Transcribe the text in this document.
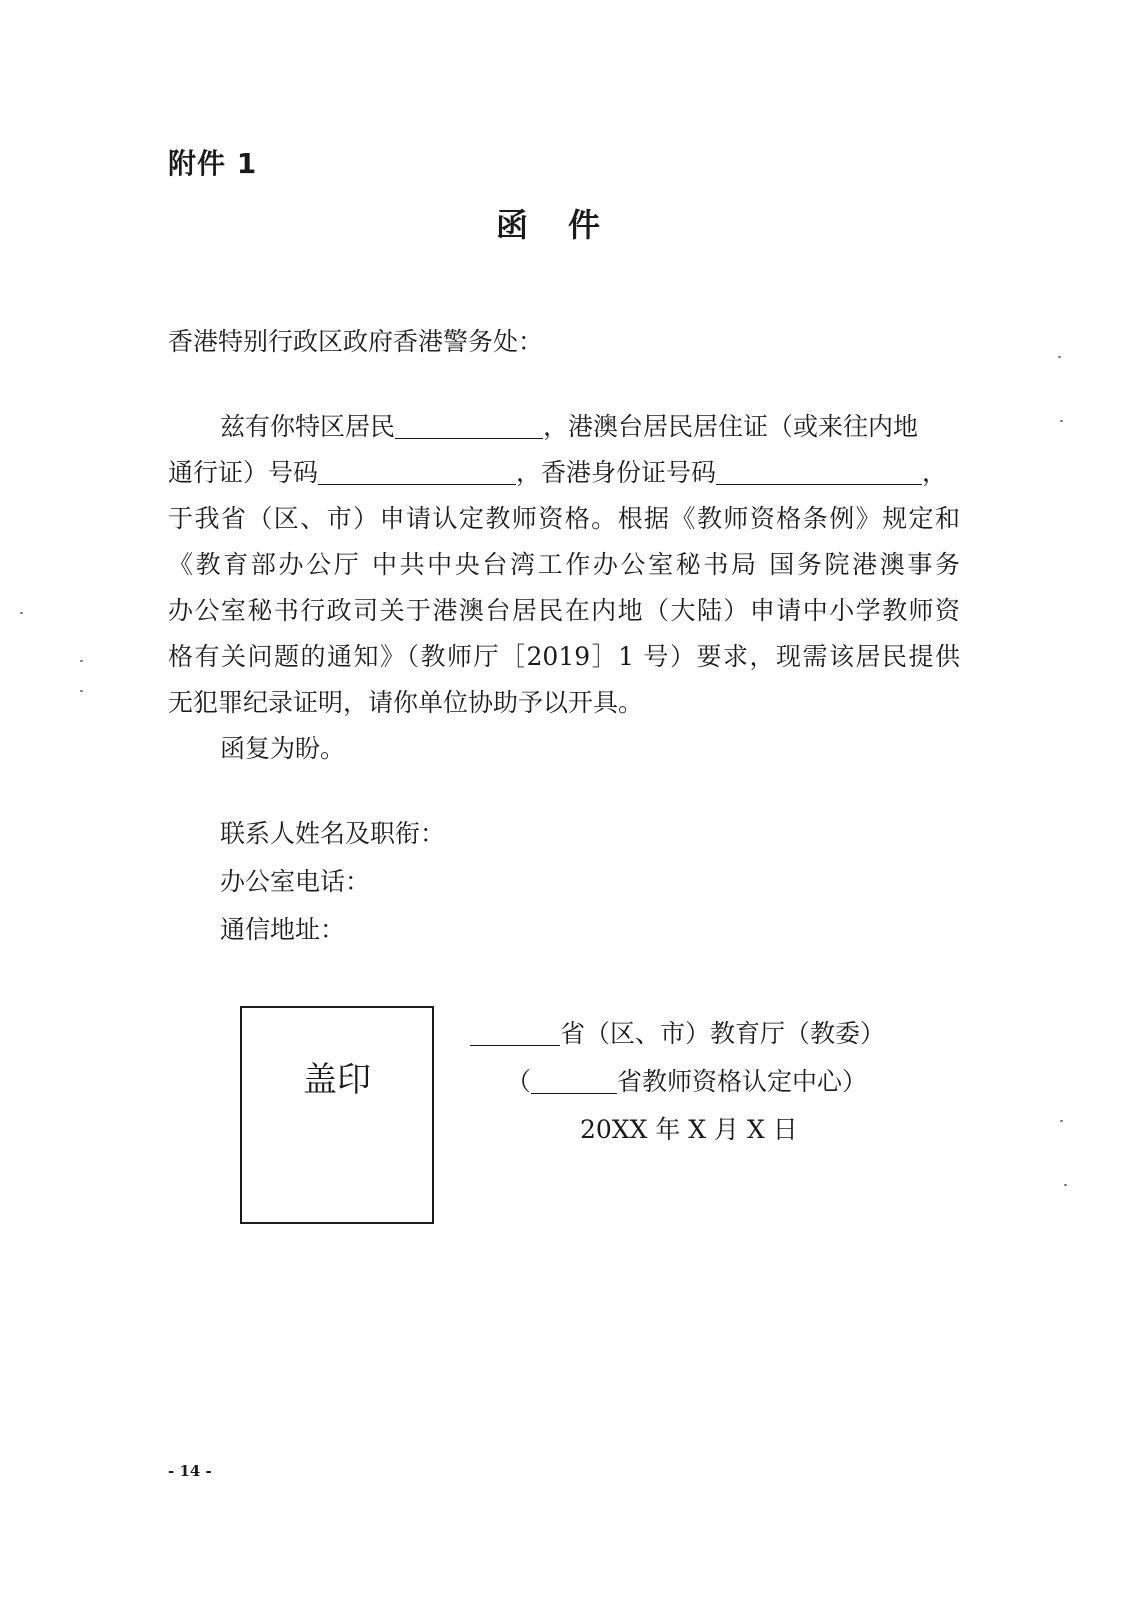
附件 1
函件
香港特别行政区政府香港警务处：
兹有你特区居民	，港澳台居民居住证（或来往内地
通行证）号码	，香港身份证号码	，
于我省（区、市）申请认定教师资格。根据《教师资格条例》规定和
《教育部办公厅 中共中央台湾工作办公室秘书局 国务院港澳事务
办公室秘书行政司关于港澳台居民在内地（大陆）申请中小学教师资
格有关问题的通知》（教师厅［2019］1 号）要求，现需该居民提供
无犯罪纪录证明，请你单位协助予以开具。
函复为盼。
联系人姓名及职衔：
办公室电话：
通信地址：
盖印
省（区、市）教育厅（教委）
（	省教师资格认定中心）
20XX 年 X 月 X 日
- 14 -
